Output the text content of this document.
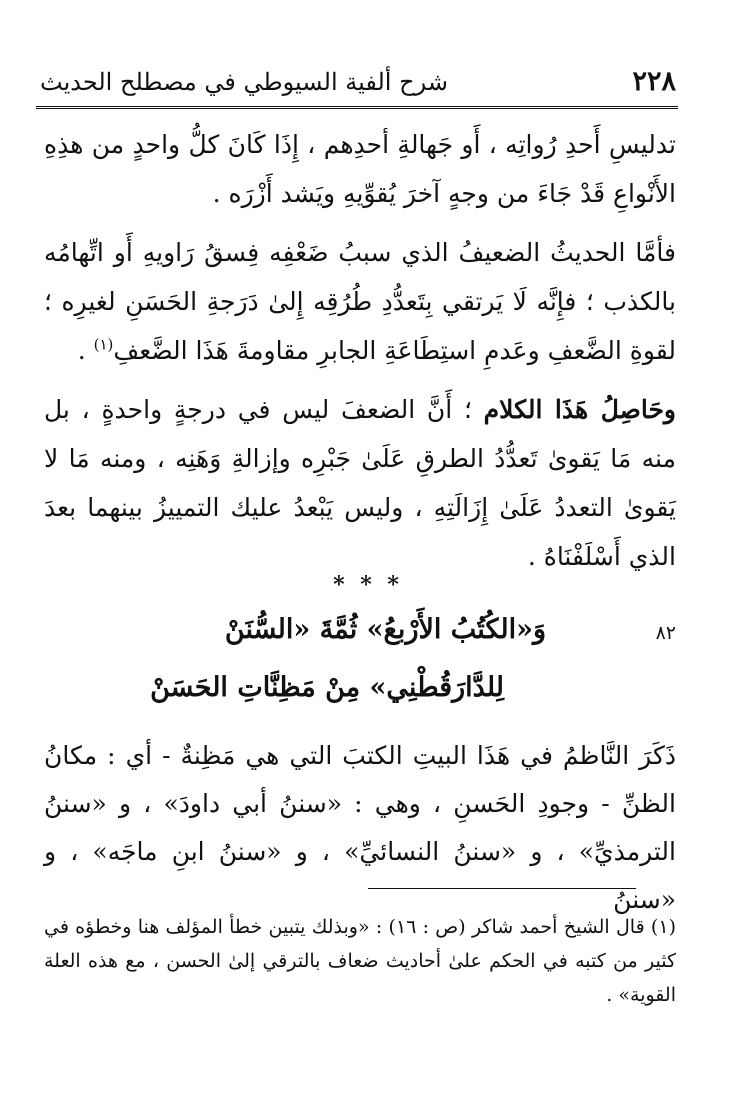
٢٢٨
شرح ألفية السيوطي في مصطلح الحديث

تدليسِ أَحدِ رُواتِه ، أَو جَهالةِ أحدِهم ، إِذَا كَانَ كلُّ واحدٍ من هذِهِ الأَنْواعِ قَدْ جَاءَ من وجهٍ آخرَ يُقوِّيهِ ويَشد أَزْرَه .

فأمَّا الحديثُ الضعيفُ الذي سببُ ضَعْفِه فِسقُ رَاويهِ أَو اتِّهامُه بالكذب ؛ فإِنَّه لَا يَرتقي بِتَعدُّدِ طُرُقِه إِلىٰ دَرَجةِ الحَسَنِ لغيرِه ؛ لقوةِ الضَّعفِ وعَدمِ استِطَاعَةِ الجابرِ مقاومةَ هَذَا الضَّعفِ$^{(١)}$ .

وحَاصِلُ هَذَا الكلام ؛ أَنَّ الضعفَ ليس في درجةٍ واحدةٍ ، بل منه مَا يَقوىٰ تَعدُّدُ الطرقِ عَلَىٰ جَبْرِه وإزالةِ وَهَنِه ، ومنه مَا لا يَقوىٰ التعددُ عَلَىٰ إِزَالَتِهِ ، وليس يَبْعدُ عليك التمييزُ بينهما بعدَ الذي أَسْلَفْنَاهُ .

* * *
٨٢
وَ«الكُتُبُ الأَرْبعُ» ثُمَّةَ «السُّنَنْ
لِلدَّارَقُطْنِي» مِنْ مَظِنَّاتِ الحَسَنْ
ذَكَرَ النَّاظمُ في هَذَا البيتِ الكتبَ التي هي مَظِنةٌ - أي : مكانُ الظنِّ - وجودِ الحَسنِ ، وهي : «سننُ أبي داودَ» ، و «سننُ الترمذيِّ» ، و «سننُ النسائيِّ» ، و «سننُ ابنِ ماجَه» ، و «سننُ
(١) قال الشيخ أحمد شاكر (ص : ١٦) : «وبذلك يتبين خطأ المؤلف هنا وخطؤه في كثير من كتبه في الحكم علىٰ أحاديث ضعاف بالترقي إلىٰ الحسن ، مع هذه العلة القوية» .
